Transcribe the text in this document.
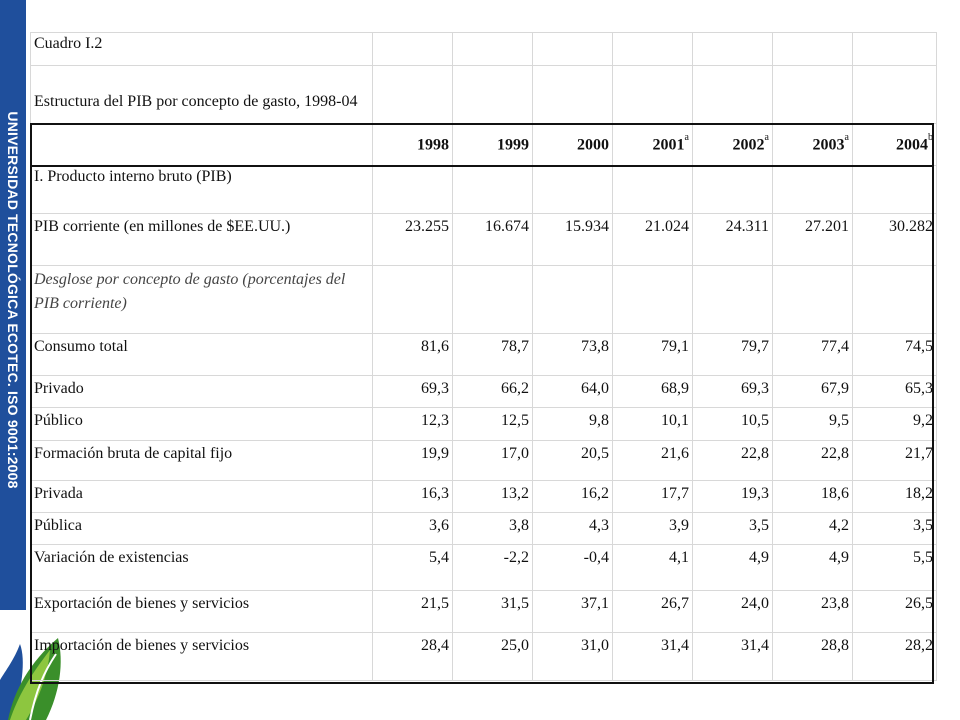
UNIVERSIDAD TECNOLÓGICA ECOTEC. ISO 9001:2008
Cuadro I.2							
Estructura del PIB por concepto de gasto, 1998-04							
	1998	1999	2000	2001$^a$	2002$^a$	2003$^a$	2004$^b$
I. Producto interno bruto (PIB)							
PIB corriente (en millones de $EE.UU.)	23.255	16.674	15.934	21.024	24.311	27.201	30.282
Desglose por concepto de gasto (porcentajes del PIB corriente)							
Consumo total	81,6	78,7	73,8	79,1	79,7	77,4	74,5
Privado	69,3	66,2	64,0	68,9	69,3	67,9	65,3
Público	12,3	12,5	9,8	10,1	10,5	9,5	9,2
Formación bruta de capital fijo	19,9	17,0	20,5	21,6	22,8	22,8	21,7
Privada	16,3	13,2	16,2	17,7	19,3	18,6	18,2
Pública	3,6	3,8	4,3	3,9	3,5	4,2	3,5
Variación de existencias	5,4	-2,2	-0,4	4,1	4,9	4,9	5,5
Exportación de bienes y servicios	21,5	31,5	37,1	26,7	24,0	23,8	26,5
Importación de bienes y servicios	28,4	25,0	31,0	31,4	31,4	28,8	28,2
